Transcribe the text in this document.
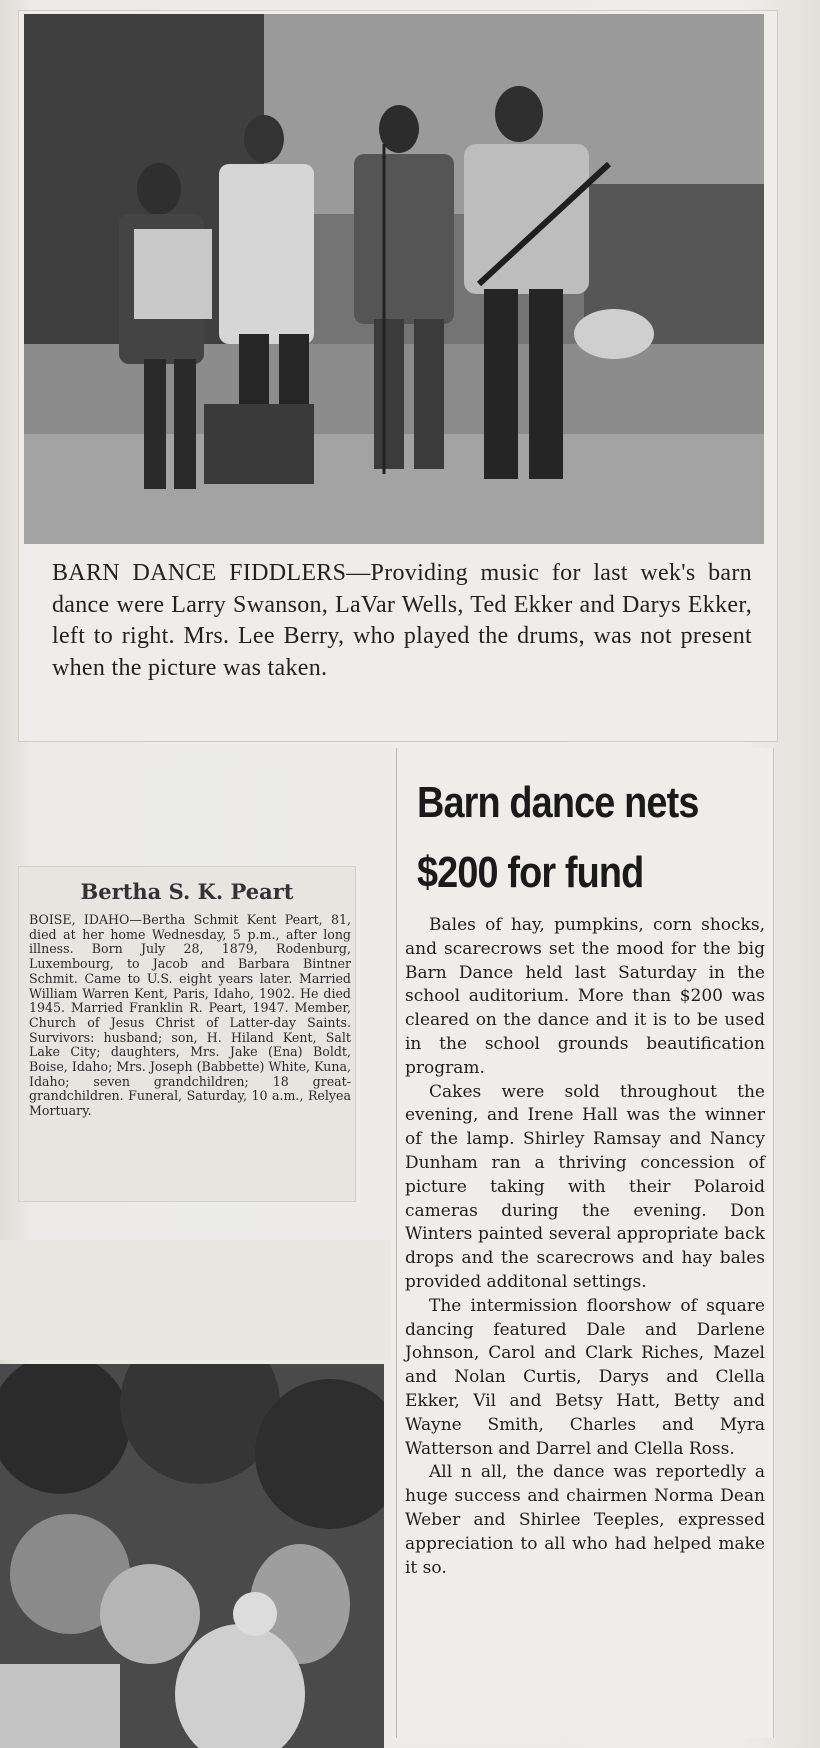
BARN DANCE FIDDLERS—Providing music for last wek's barn dance were Larry Swanson, LaVar Wells, Ted Ekker and Darys Ekker, left to right. Mrs. Lee Berry, who played the drums, was not present when the picture was taken.
Bertha S. K. Peart
BOISE, IDAHO—Bertha Schmit Kent Peart, 81, died at her home Wednesday, 5 p.m., after long illness. Born July 28, 1879, Rodenburg, Luxembourg, to Jacob and Barbara Bintner Schmit. Came to U.S. eight years later. Married William Warren Kent, Paris, Idaho, 1902. He died 1945. Married Franklin R. Peart, 1947. Member, Church of Jesus Christ of Latter-day Saints. Survivors: husband; son, H. Hiland Kent, Salt Lake City; daughters, Mrs. Jake (Ena) Boldt, Boise, Idaho; Mrs. Joseph (Babbette) White, Kuna, Idaho; seven grandchildren; 18 great-grandchildren. Funeral, Saturday, 10 a.m., Relyea Mortuary.
Barn dance nets
$200 for fund

Bales of hay, pumpkins, corn shocks, and scarecrows set the mood for the big Barn Dance held last Saturday in the school auditorium. More than $200 was cleared on the dance and it is to be used in the school grounds beautification program.

Cakes were sold throughout the evening, and Irene Hall was the winner of the lamp. Shirley Ramsay and Nancy Dunham ran a thriving concession of picture taking with their Polaroid cameras during the evening. Don Winters painted several appropriate back drops and the scarecrows and hay bales provided additonal settings.

The intermission floorshow of square dancing featured Dale and Darlene Johnson, Carol and Clark Riches, Mazel and Nolan Curtis, Darys and Clella Ekker, Vil and Betsy Hatt, Betty and Wayne Smith, Charles and Myra Watterson and Darrel and Clella Ross.

All n all, the dance was reportedly a huge success and chairmen Norma Dean Weber and Shirlee Teeples, expressed appreciation to all who had helped make it so.
